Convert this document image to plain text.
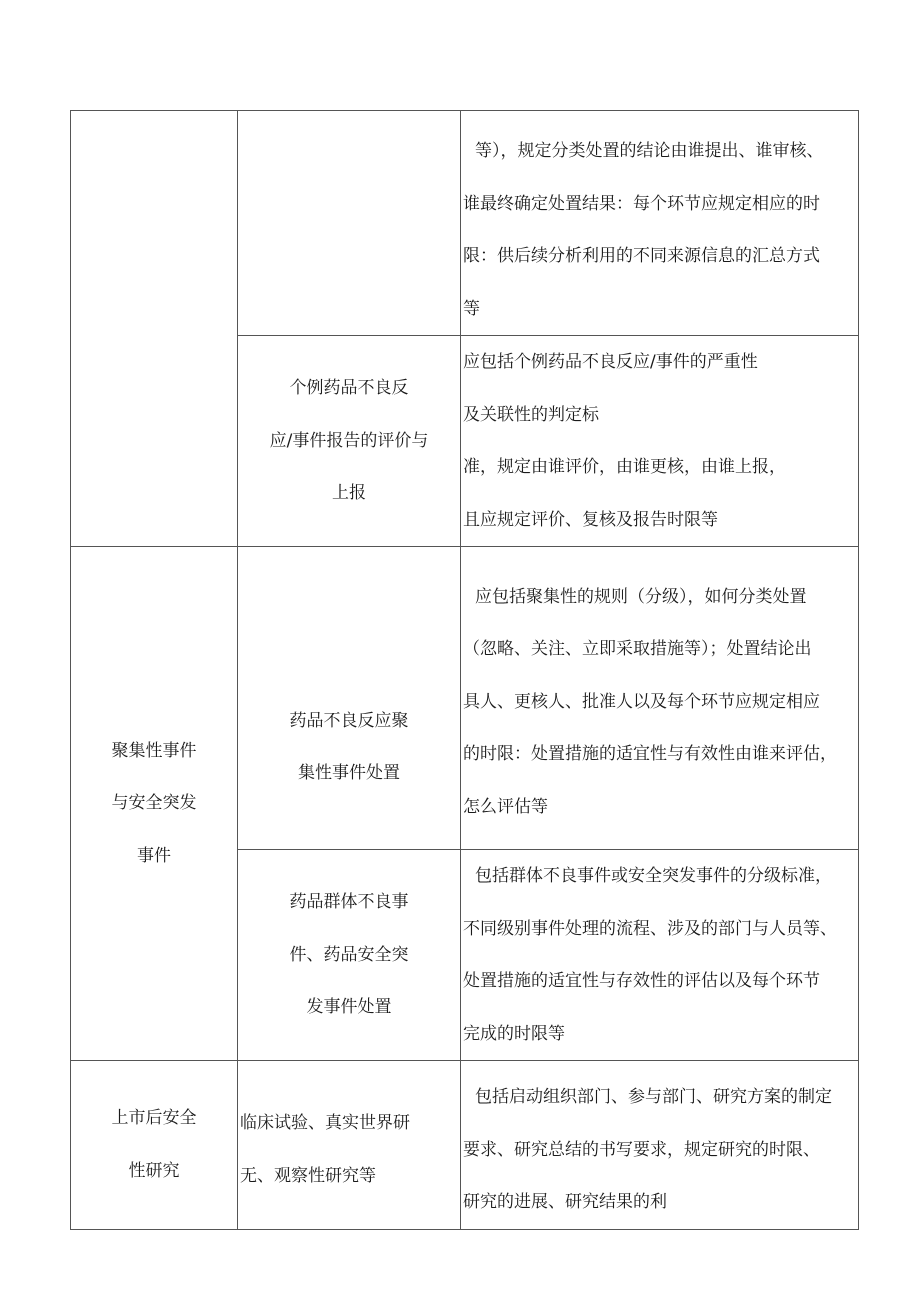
		等），规定分类处置的结论由谁提出、谁审核、
谁最终确定处置结果：每个环节应规定相应的时
限：供后续分析利用的不同来源信息的汇总方式
等

	个例药品不良反
应/事件报告的评价与
上报	应包括个例药品不良反应/事件的严重性
及关联性的判定标
准，规定由谁评价，由谁更核，由谁上报，
且应规定评价、复核及报告时限等

聚集性事件
与安全突发
事件	药品不良反应聚
集性事件处置	应包括聚集性的规则（分级），如何分类处置
（忽略、关注、立即采取措施等）；处置结论出
具人、更核人、批准人以及每个环节应规定相应
的时限：处置措施的适宜性与有效性由谁来评估，
怎么评估等

	药品群体不良事
件、药品安全突
发事件处置	包括群体不良事件或安全突发事件的分级标准，
不同级别事件处理的流程、涉及的部门与人员等、
处置措施的适宜性与存效性的评估以及每个环节
完成的时限等

上市后安全
性研究	临床试验、真实世界研
无、观察性研究等	包括启动组织部门、参与部门、研究方案的制定
要求、研究总结的书写要求，规定研究的时限、
研究的进展、研究结果的利
